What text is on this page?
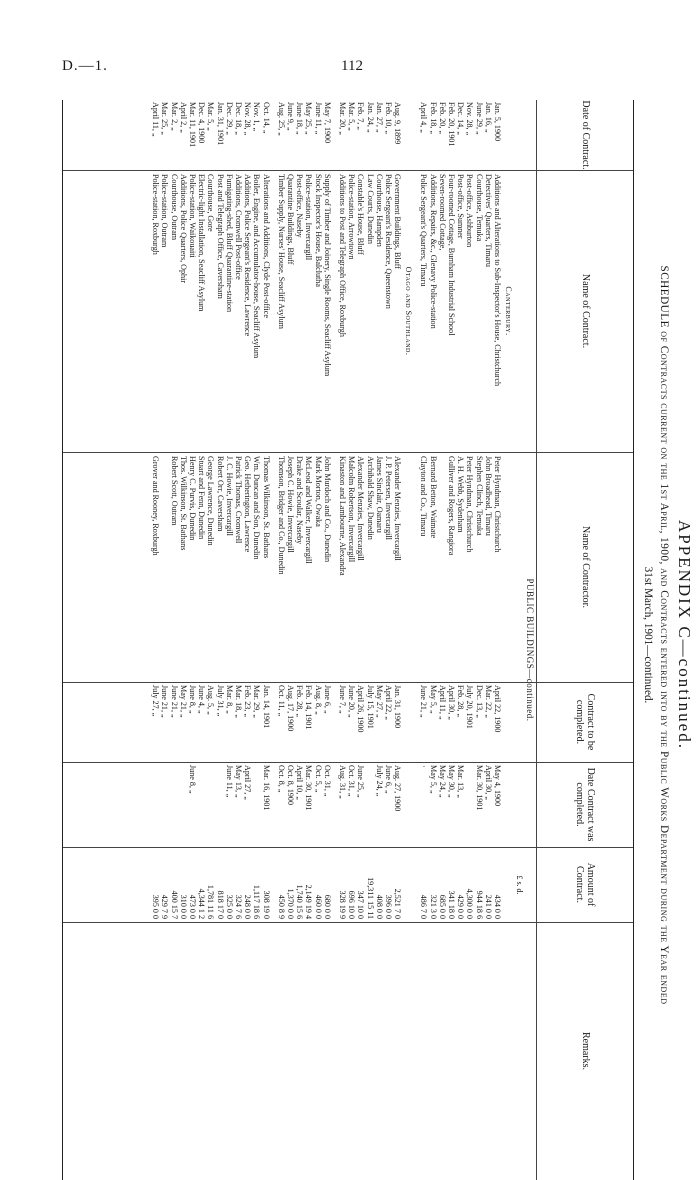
D.—1.	112
APPENDIX C—continued.
SCHEDULE of Contracts current on the 1st April, 1900, and Contracts entered into by the Public Works Department during the Year ended
31st March, 1901—continued.
Date of Contract.
Name of Contract.
Name of Contractor.
Contract to be completed.
Date Contract was completed.
Amount of Contract.
Remarks.
PUBLIC BUILDINGS—continued.
£ s. d.
Canterbury.
Jan. 5, 1900
Additions and Alterations to Sub-Inspector's House, Christchurch
Peter Hyndman, Christchurch
April 22, 1900
May 4, 1900
434 0 0
Jan. 16, „
Detectives' Quarters, Timaru
John Broadhead, Timaru
Mar. 22, „
April 30, „
241 0 0
June 29, „
Courthouse, Temuka
Stephen Clinch, Temuka
Dec. 13, „
Mar. 30, 1901
944 18 6
Nov. 28, „
Post-office, Ashburton
Peter Hyndman, Christchurch
July 20, 1901
4,300 0 0
Dec. 14, „
Post-office, Sumner
A. H. Webb, Sydenham
Feb. 28, „
Mar. 13, „
429 0 0
Feb. 20, 1901
Four-roomed Cottage, Burnham Industrial School
Gulliver and Rogers, Rangiora
April 30, „
May 30, „
341 18 0
Feb. 20, „
Seven-roomed Cottage,
April 11, „
May 24, „
685 0 0
Feb. 18, „
Additions, Repairs, &c., Glenavy Police-station
Bernard Betton, Waimate
May 5, „
May 5, „
321 3 0
April 4, „
Police Sergeant's Quarters, Timaru
Clayton and Co., Timaru
June 21, „
·
486 7 0
Otago and Southland.
Aug. 9, 1899
Government Buildings, Bluff
Alexander Menzies, Invercargill
Jan. 31, 1900
Aug. 27, 1900
2,521 7 0
Feb. 10, „
Police Sergeant's Residence, Queenstown
J. P. Petersen, Invercargill
April 22, „
June 6, „
396 0 0
Jan. 27, „
Courthouse, Hampden
James Sinclair, Oamaru
May 27, „
July 24, „
408 0 0
Jan. 24, „
Law Courts, Dunedin
Archibald Shaw, Dunedin
July 15, 1901
19,311 15 11
Feb. 7, „
Constable's House, Bluff
Alexander Menzies, Invercargill
April 26, 1900
June 25, „
347 10 0
Mar. 5, „
Police-station, Arrowtown
Malcolm Robertson, Invercargill
June 20, „
Oct. 31, „
696 10 0
Mar. 20, „
Additions to Post and Telegraph Office, Roxburgh
Kinaston and Lambourne, Alexandra
June 7, „
Aug. 31, „
328 19 9
May 7, 1900
Supply of Timber and Joinery, Single Rooms, Seacliff Asylum
John Murdoch and Co., Dunedin
June 6, „
Oct. 31, „
680 0 0
June 11, „
Stock Inspector's House, Balclutha
Mark Morton, Owaka
Aug. 8, „
Oct. 5, „
460 0 0
May 25, „
Police-station, Invercargill
McLeod and Walker, Invercargill
Feb. 14, 1901
Mar. 30, 1901
2,149 19 4
June 18, „
Post-office, Naseby
Drake and Scoular, Naseby
Feb. 28, „
April 10, „
1,740 15 6
June 9, „
Quarantine Buildings, Bluff
Joseph C. Howie, Invercargill
Aug. 17, 1900
Oct. 8, 1900
1,370 0 0
Aug. 25, „
Timber Supply, Nurses' House, Seacliff Asylum
Thomson, Bridger and Co., Dunedin
Oct. 11, „
Oct. 8, „
450 8 9
Oct. 14, „
Alterations and Additions, Clyde Post-office
Thomas Wilkinson, St. Bathans
Jan. 14, 1901
Mar. 16, 1901
308 19 0
Nov. 1, „
Boiler, Engine, and Accumulator-house, Seacliff Asylum
Wm. Duncan and Son, Dunedin
Mar. 29, „
1,117 18 6
Nov. 28, „
Additions, Police Sergeant's Residence, Lawrence
Geo. Hetherington, Lawrence
Feb. 23, „
April 27, „
248 0 0
Dec. 18, „
Additions, Cromwell Post-office
Patrick Thomas, Cromwell
Mar. 18, „
May 13, „
324 7 6
Dec. 29, „
Fumigating-shed, Bluff Quarantine-station
J. C. Howie, Invercargill
Mar. 8, „
June 11, „
325 0 0
Jan. 31, 1901
Post and Telegraph Office, Caversham
Robert Orr, Caversham
July 31, „
818 17 0
Mar. 5, „
Courthouse, Gore
George Lawrence, Dunedin
Aug. 5, „
1,781 11 6
Dec. 4, 1900
Electric-light Installation, Seacliff Asylum
Stuart and Fenn, Dunedin
June 4, „
4,344 1 2
Mar. 11, 1901
Police-station, Waikouaiti
Henry C. Purvis, Dunedin
June 8, „
June 8, „
473 0 0
April 2, „
Additions, Police Quarters, Ophir
Thos. Wilkinson, St. Bathans
May 21, „
310 0 0
Mar. 2, „
Courthouse, Outram
Robert Scott, Outram
June 21, „
400 15 7
Mar. 25, „
Police-station, Outram
June 21, „
429 7 9
April 11, „
Police-station, Roxburgh
Grover and Rooney, Roxburgh
July 27, „
395 0 0
